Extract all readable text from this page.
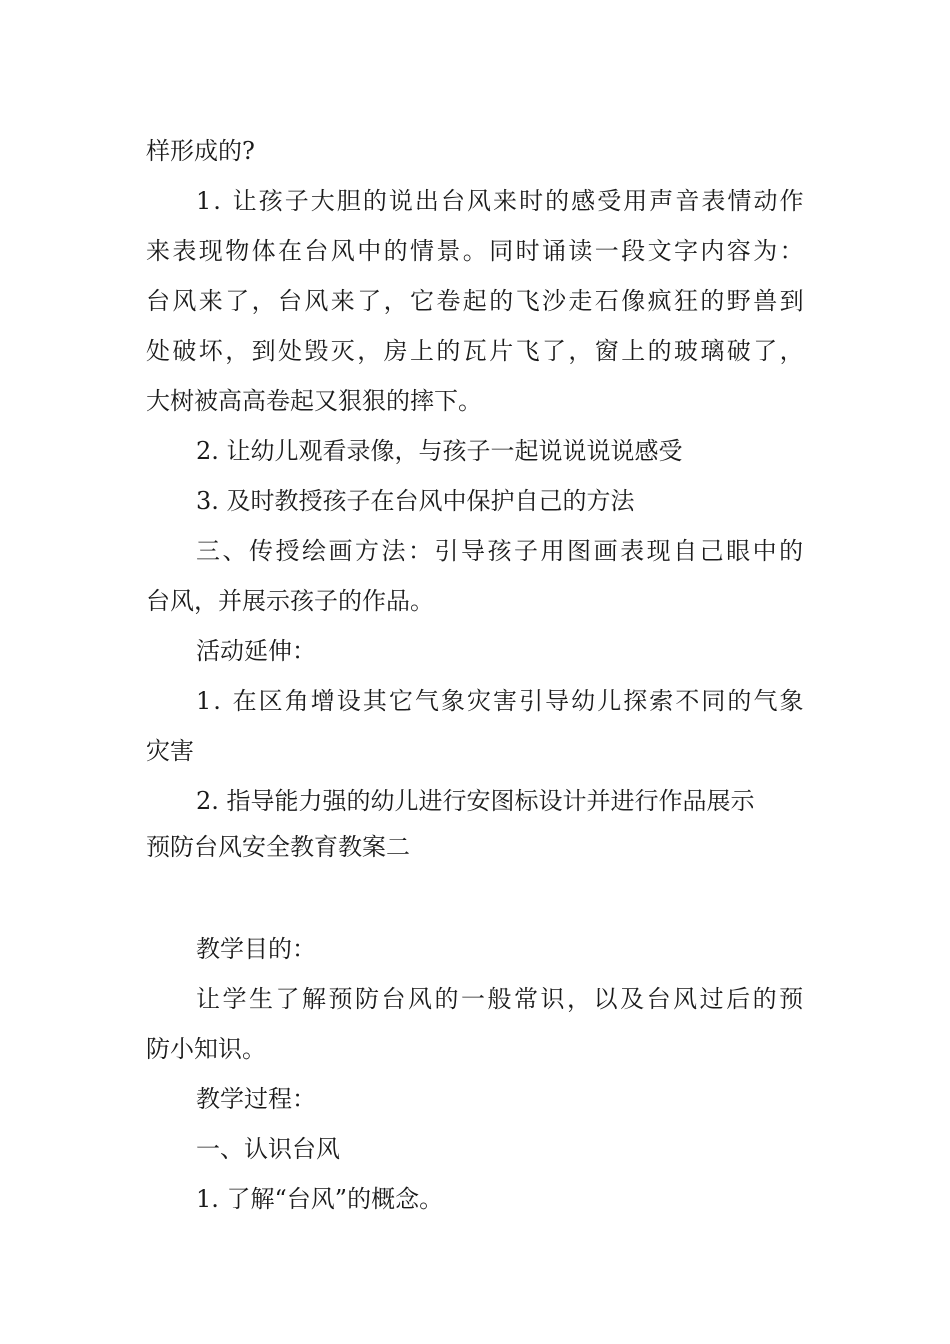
样形成的?
1. 让孩子大胆的说出台风来时的感受用声音表情动作
来表现物体在台风中的情景。同时诵读一段文字内容为：
台风来了，台风来了，它卷起的飞沙走石像疯狂的野兽到
处破坏，到处毁灭，房上的瓦片飞了，窗上的玻璃破了，
大树被高高卷起又狠狠的摔下。
2. 让幼儿观看录像，与孩子一起说说说说感受
3. 及时教授孩子在台风中保护自己的方法
三、传授绘画方法：引导孩子用图画表现自己眼中的
台风，并展示孩子的作品。
活动延伸：
1. 在区角增设其它气象灾害引导幼儿探索不同的气象
灾害
2. 指导能力强的幼儿进行安图标设计并进行作品展示
预防台风安全教育教案二
教学目的：
让学生了解预防台风的一般常识，以及台风过后的预
防小知识。
教学过程：
一、认识台风
1. 了解“台风”的概念。
